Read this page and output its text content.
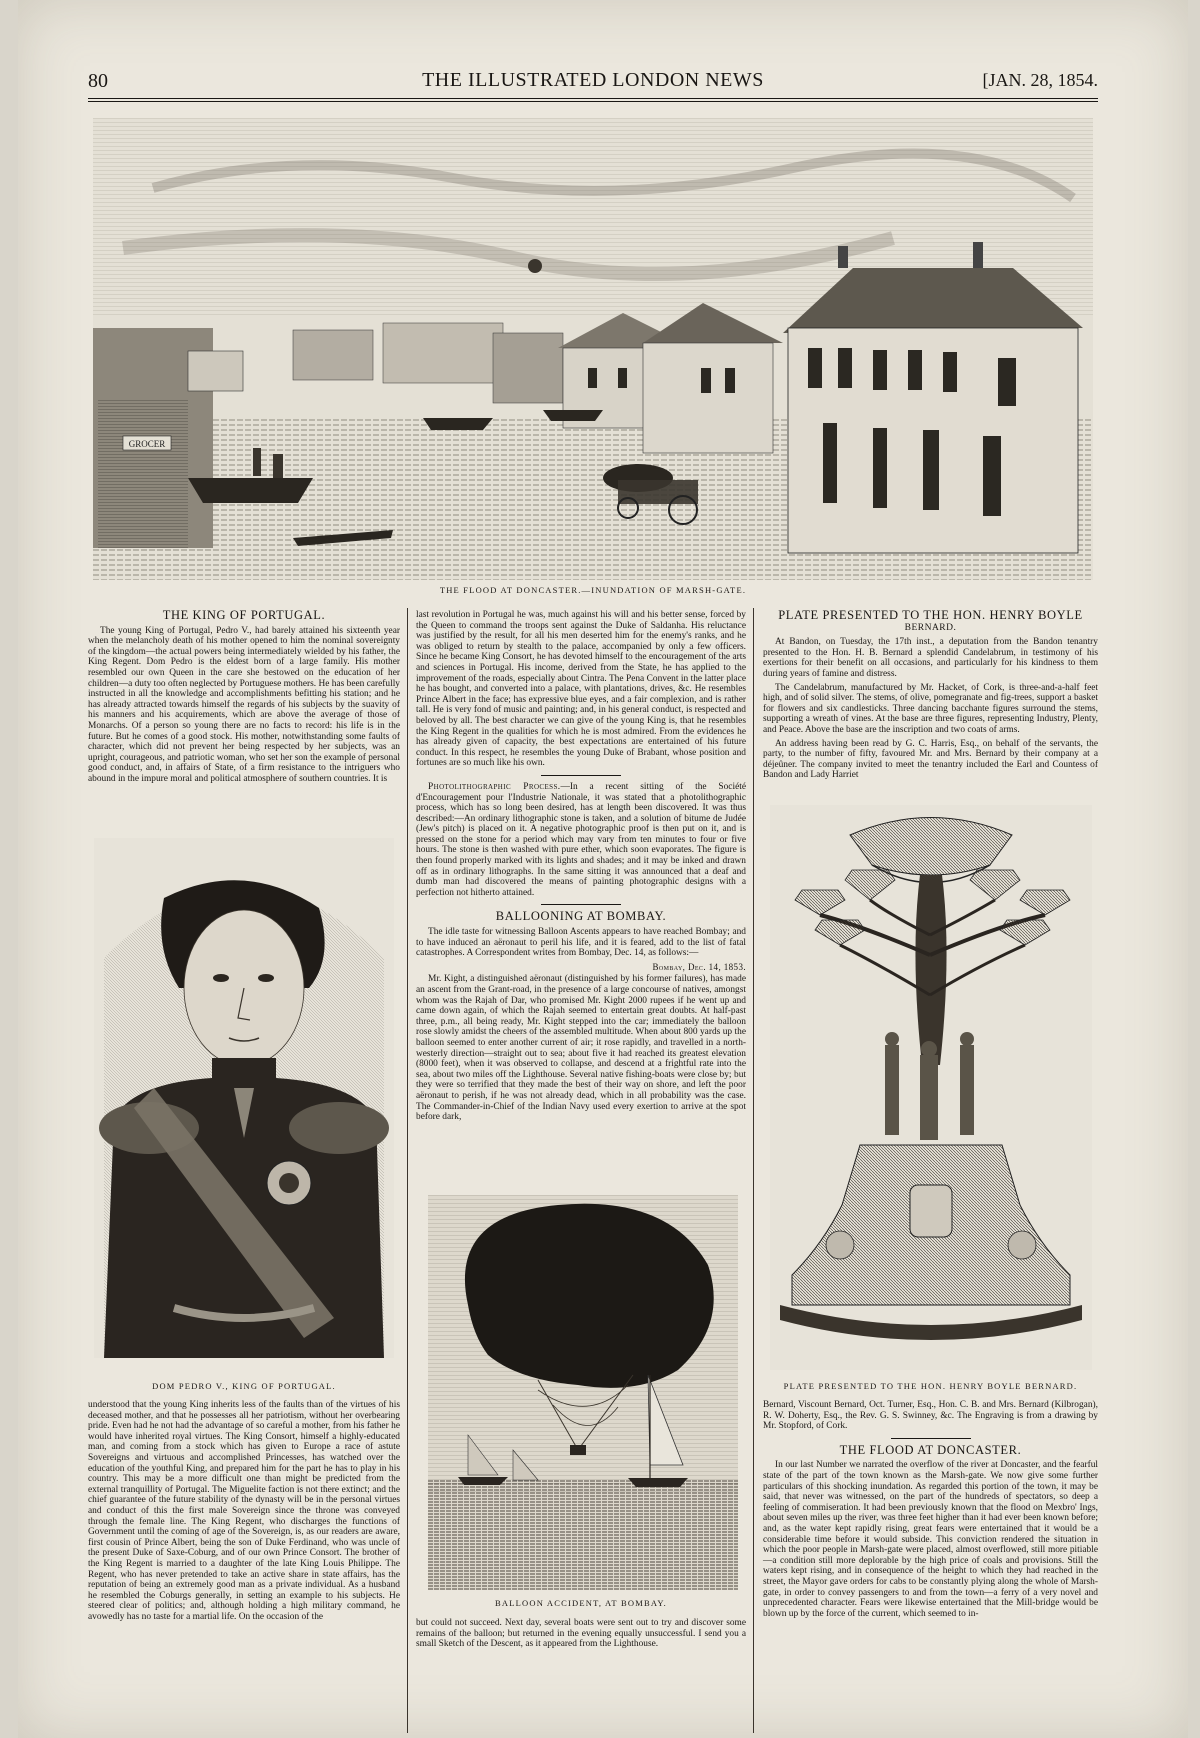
80	THE ILLUSTRATED LONDON NEWS	[JAN. 28, 1854.
GROCER
THE FLOOD AT DONCASTER.—INUNDATION OF MARSH-GATE.
THE KING OF PORTUGAL.

The young King of Portugal, Pedro V., had barely attained his sixteenth year when the melancholy death of his mother opened to him the nominal sovereignty of the kingdom—the actual powers being intermediately wielded by his father, the King Regent. Dom Pedro is the eldest born of a large family. His mother resembled our own Queen in the care she bestowed on the education of her children—a duty too often neglected by Portuguese mothers. He has been carefully instructed in all the knowledge and accomplishments befitting his station; and he has already attracted towards himself the regards of his subjects by the suavity of his manners and his acquirements, which are above the average of those of Monarchs. Of a person so young there are no facts to record: his life is in the future. But he comes of a good stock. His mother, notwithstanding some faults of character, which did not prevent her being respected by her subjects, was an upright, courageous, and patriotic woman, who set her son the example of personal good conduct, and, in affairs of State, of a firm resistance to the intriguers who abound in the impure moral and political atmosphere of southern countries. It is

DOM PEDRO V., KING OF PORTUGAL.

understood that the young King inherits less of the faults than of the virtues of his deceased mother, and that he possesses all her patriotism, without her overbearing pride. Even had he not had the advantage of so careful a mother, from his father he would have inherited royal virtues. The King Consort, himself a highly-educated man, and coming from a stock which has given to Europe a race of astute Sovereigns and virtuous and accomplished Princesses, has watched over the education of the youthful King, and prepared him for the part he has to play in his country. This may be a more difficult one than might be predicted from the external tranquillity of Portugal. The Miguelite faction is not there extinct; and the chief guarantee of the future stability of the dynasty will be in the personal virtues and conduct of this the first male Sovereign since the throne was conveyed through the female line. The King Regent, who discharges the functions of Government until the coming of age of the Sovereign, is, as our readers are aware, first cousin of Prince Albert, being the son of Duke Ferdinand, who was uncle of the present Duke of Saxe-Coburg, and of our own Prince Consort. The brother of the King Regent is married to a daughter of the late King Louis Philippe. The Regent, who has never pretended to take an active share in state affairs, has the reputation of being an extremely good man as a private individual. As a husband he resembled the Coburgs generally, in setting an example to his subjects. He steered clear of politics; and, although holding a high military command, he avowedly has no taste for a martial life. On the occasion of the

last revolution in Portugal he was, much against his will and his better sense, forced by the Queen to command the troops sent against the Duke of Saldanha. His reluctance was justified by the result, for all his men deserted him for the enemy's ranks, and he was obliged to return by stealth to the palace, accompanied by only a few officers. Since he became King Consort, he has devoted himself to the encouragement of the arts and sciences in Portugal. His income, derived from the State, he has applied to the improvement of the roads, especially about Cintra. The Pena Convent in the latter place he has bought, and converted into a palace, with plantations, drives, &c. He resembles Prince Albert in the face; has expressive blue eyes, and a fair complexion, and is rather tall. He is very fond of music and painting; and, in his general conduct, is respected and beloved by all. The best character we can give of the young King is, that he resembles the King Regent in the qualities for which he is most admired. From the evidences he has already given of capacity, the best expectations are entertained of his future conduct. In this respect, he resembles the young Duke of Brabant, whose position and fortunes are so much like his own.

Photolithographic Process.—In a recent sitting of the Société d'Encouragement pour l'Industrie Nationale, it was stated that a photolithographic process, which has so long been desired, has at length been discovered. It was thus described:—An ordinary lithographic stone is taken, and a solution of bitume de Judée (Jew's pitch) is placed on it. A negative photographic proof is then put on it, and is pressed on the stone for a period which may vary from ten minutes to four or five hours. The stone is then washed with pure ether, which soon evaporates. The figure is then found properly marked with its lights and shades; and it may be inked and drawn off as in ordinary lithographs. In the same sitting it was announced that a deaf and dumb man had discovered the means of painting photographic designs with a perfection not hitherto attained.

BALLOONING AT BOMBAY.

The idle taste for witnessing Balloon Ascents appears to have reached Bombay; and to have induced an aëronaut to peril his life, and it is feared, add to the list of fatal catastrophes. A Correspondent writes from Bombay, Dec. 14, as follows:—

Bombay, Dec. 14, 1853.

Mr. Kight, a distinguished aëronaut (distinguished by his former failures), has made an ascent from the Grant-road, in the presence of a large concourse of natives, amongst whom was the Rajah of Dar, who promised Mr. Kight 2000 rupees if he went up and came down again, of which the Rajah seemed to entertain great doubts. At half-past three, p.m., all being ready, Mr. Kight stepped into the car; immediately the balloon rose slowly amidst the cheers of the assembled multitude. When about 800 yards up the balloon seemed to enter another current of air; it rose rapidly, and travelled in a north-westerly direction—straight out to sea; about five it had reached its greatest elevation (8000 feet), when it was observed to collapse, and descend at a frightful rate into the sea, about two miles off the Lighthouse. Several native fishing-boats were close by; but they were so terrified that they made the best of their way on shore, and left the poor aëronaut to perish, if he was not already dead, which in all probability was the case. The Commander-in-Chief of the Indian Navy used every exertion to arrive at the spot before dark,

BALLOON ACCIDENT, AT BOMBAY.

but could not succeed. Next day, several boats were sent out to try and discover some remains of the balloon; but returned in the evening equally unsuccessful. I send you a small Sketch of the Descent, as it appeared from the Lighthouse.

PLATE PRESENTED TO THE HON. HENRY BOYLE
BERNARD.

At Bandon, on Tuesday, the 17th inst., a deputation from the Bandon tenantry presented to the Hon. H. B. Bernard a splendid Candelabrum, in testimony of his exertions for their benefit on all occasions, and particularly for his kindness to them during years of famine and distress.

The Candelabrum, manufactured by Mr. Hacket, of Cork, is three-and-a-half feet high, and of solid silver. The stems, of olive, pomegranate and fig-trees, support a basket for flowers and six candlesticks. Three dancing bacchante figures surround the stems, supporting a wreath of vines. At the base are three figures, representing Industry, Plenty, and Peace. Above the base are the inscription and two coats of arms.

An address having been read by G. C. Harris, Esq., on behalf of the servants, the party, to the number of fifty, favoured Mr. and Mrs. Bernard by their company at a déjeûner. The company invited to meet the tenantry included the Earl and Countess of Bandon and Lady Harriet

PLATE PRESENTED TO THE HON. HENRY BOYLE BERNARD.

Bernard, Viscount Bernard, Oct. Turner, Esq., Hon. C. B. and Mrs. Bernard (Kilbrogan), R. W. Doherty, Esq., the Rev. G. S. Swinney, &c. The Engraving is from a drawing by Mr. Stopford, of Cork.

THE FLOOD AT DONCASTER.

In our last Number we narrated the overflow of the river at Doncaster, and the fearful state of the part of the town known as the Marsh-gate. We now give some further particulars of this shocking inundation. As regarded this portion of the town, it may be said, that never was witnessed, on the part of the hundreds of spectators, so deep a feeling of commiseration. It had been previously known that the flood on Mexbro' Ings, about seven miles up the river, was three feet higher than it had ever been known before; and, as the water kept rapidly rising, great fears were entertained that it would be a considerable time before it would subside. This conviction rendered the situation in which the poor people in Marsh-gate were placed, almost overflowed, still more pitiable—a condition still more deplorable by the high price of coals and provisions. Still the waters kept rising, and in consequence of the height to which they had reached in the street, the Mayor gave orders for cabs to be constantly plying along the whole of Marsh-gate, in order to convey passengers to and from the town—a ferry of a very novel and unprecedented character. Fears were likewise entertained that the Mill-bridge would be blown up by the force of the current, which seemed to in-
